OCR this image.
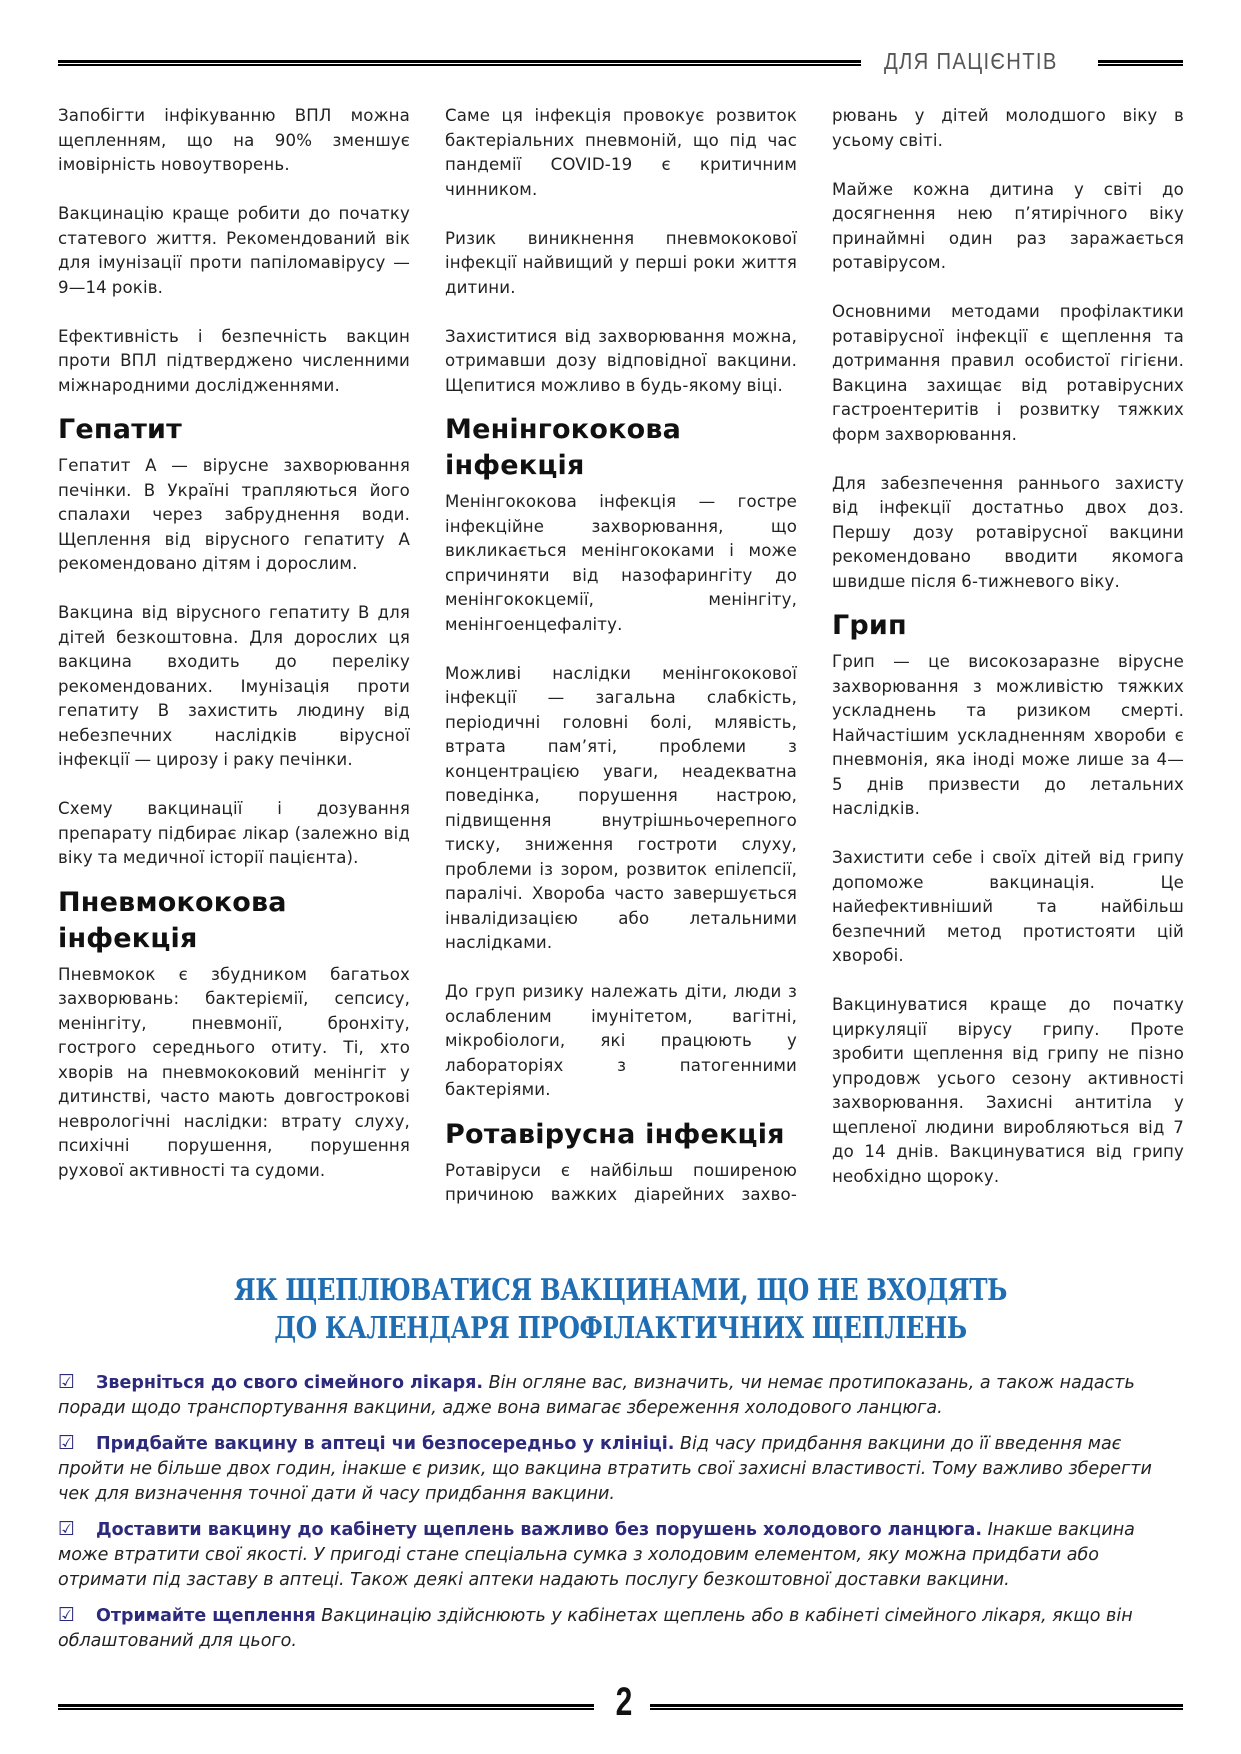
ДЛЯ ПАЦІЄНТІВ

Запобігти інфікуванню ВПЛ можна щепленням, що на 90% зменшує імовірність новоутворень.

Вакцинацію краще робити до початку статевого життя. Рекомендований вік для імунізації проти папіломавірусу — 9—14 років.

Ефективність і безпечність вакцин проти ВПЛ підтверджено численними міжнародними дослідженнями.

Гепатит

Гепатит А — вірусне захворювання печінки. В Україні трапляються його спалахи через забруднення води. Щеплення від вірусного гепатиту А рекомендовано дітям і дорослим.

Вакцина від вірусного гепатиту В для дітей безкоштовна. Для дорослих ця вакцина входить до переліку рекомендованих. Імунізація проти гепатиту В захистить людину від небезпечних наслідків вірусної інфекції — цирозу і раку печінки.

Схему вакцинації і дозування препарату підбирає лікар (залежно від віку та медичної історії пацієнта).

Пневмококова інфекція

Пневмокок є збудником багатьох захворювань: бактеріємії, сепсису, менінгіту, пневмонії, бронхіту, гострого середнього отиту. Ті, хто хворів на пневмококовий менінгіт у дитинстві, часто мають довгострокові неврологічні наслідки: втрату слуху, психічні порушення, порушення рухової активності та судоми.

Саме ця інфекція провокує розвиток бактеріальних пневмоній, що під час пандемії COVID-19 є критичним чинником.

Ризик виникнення пневмококової інфекції найвищий у перші роки життя дитини.

Захиститися від захворювання можна, отримавши дозу відповідної вакцини. Щепитися можливо в будь-якому віці.

Менінгококова інфекція

Менінгококова інфекція — гостре інфекційне захворювання, що викликається менінгококами і може спричиняти від назофарингіту до менінгококцемії, менінгіту, менінгоенцефаліту.

Можливі наслідки менінгококової інфекції — загальна слабкість, періодичні головні болі, млявість, втрата пам’яті, проблеми з концентрацією уваги, неадекватна поведінка, порушення настрою, підвищення внутрішньочерепного тиску, зниження гостроти слуху, проблеми із зором, розвиток епілепсії, паралічі. Хвороба часто завершується інвалідизацією або летальними наслідками.

До груп ризику належать діти, люди з ослабленим імунітетом, вагітні, мікробіологи, які працюють у лабораторіях з патогенними бактеріями.

Ротавірусна інфекція

Ротавіруси є найбільш поширеною причиною важких діарейних захво-

рювань у дітей молодшого віку в усьому світі.

Майже кожна дитина у світі до досягнення нею п’ятирічного віку принаймні один раз заражається ротавірусом.

Основними методами профілактики ротавірусної інфекції є щеплення та дотримання правил особистої гігієни. Вакцина захищає від ротавірусних гастроентеритів і розвитку тяжких форм захворювання.

Для забезпечення раннього захисту від інфекції достатньо двох доз. Першу дозу ротавірусної вакцини рекомендовано вводити якомога швидше після 6-тижневого віку.

Грип

Грип — це високозаразне вірусне захворювання з можливістю тяжких ускладнень та ризиком смерті. Найчастішим ускладненням хвороби є пневмонія, яка іноді може лише за 4—5 днів призвести до летальних наслідків.

Захистити себе і своїх дітей від грипу допоможе вакцинація. Це найефективніший та найбільш безпечний метод протистояти цій хворобі.

Вакцинуватися краще до початку циркуляції вірусу грипу. Проте зробити щеплення від грипу не пізно упродовж усього сезону активності захворювання. Захисні антитіла у щепленої людини виробляються від 7 до 14 днів. Вакцинуватися від грипу необхідно щороку.

ЯК ЩЕПЛЮВАТИСЯ ВАКЦИНАМИ, ЩО НЕ ВХОДЯТЬ
ДО КАЛЕНДАРЯ ПРОФІЛАКТИЧНИХ ЩЕПЛЕНЬ
☑ Зверніться до свого сімейного лікаря. Він огляне вас, визначить, чи немає протипоказань, а також надасть поради щодо транспортування вакцини, адже вона вимагає збереження холодового ланцюга.
☑ Придбайте вакцину в аптеці чи безпосередньо у клініці. Від часу придбання вакцини до її введення має пройти не більше двох годин, інакше є ризик, що вакцина втратить свої захисні властивості. Тому важливо зберегти чек для визначення точної дати й часу придбання вакцини.
☑ Доставити вакцину до кабінету щеплень важливо без порушень холодового ланцюга. Інакше вакцина може втратити свої якості. У пригоді стане спеціальна сумка з холодовим елементом, яку можна придбати або отримати під заставу в аптеці. Також деякі аптеки надають послугу безкоштовної доставки вакцини.
☑ Отримайте щеплення Вакцинацію здійснюють у кабінетах щеплень або в кабінеті сімейного лікаря, якщо він облаштований для цього.
2
